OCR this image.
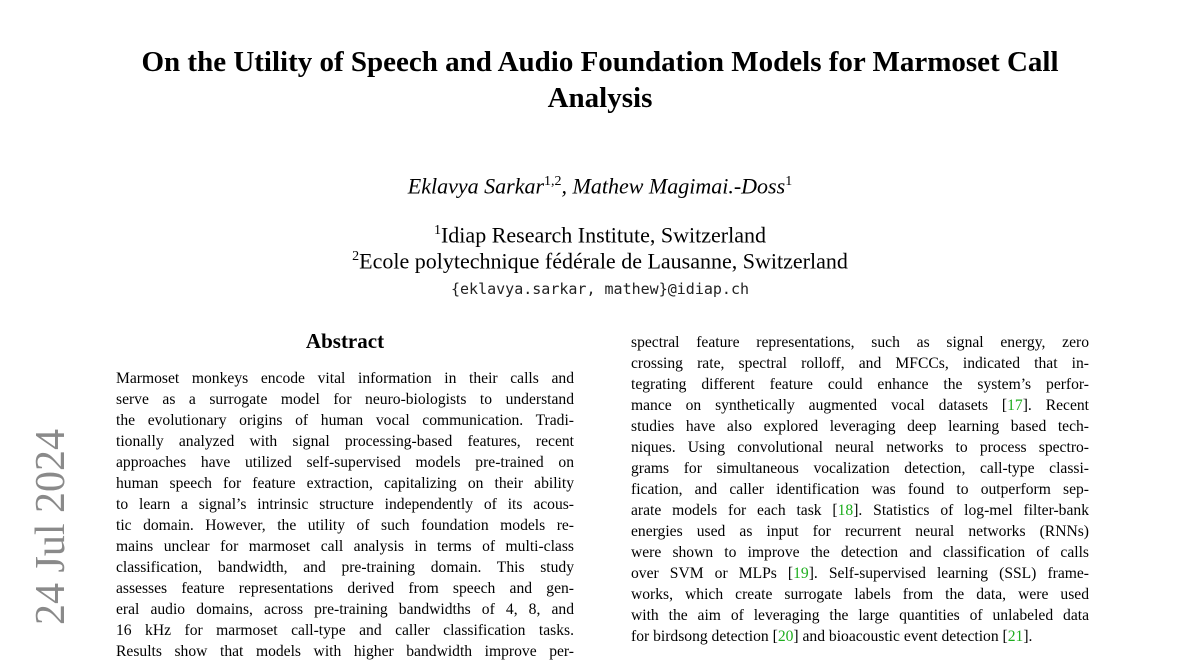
24 Jul 2024
On the Utility of Speech and Audio Foundation Models for Marmoset Call
Analysis
Eklavya Sarkar$^{1,2}$, Mathew Magimai.-Doss$^1$
$^1$Idiap Research Institute, Switzerland
$^2$Ecole polytechnique fédérale de Lausanne, Switzerland
{eklavya.sarkar, mathew}@idiap.ch
Abstract
Marmoset monkeys encode vital information in their calls and
serve as a surrogate model for neuro-biologists to understand
the evolutionary origins of human vocal communication. Tradi-
tionally analyzed with signal processing-based features, recent
approaches have utilized self-supervised models pre-trained on
human speech for feature extraction, capitalizing on their ability
to learn a signal’s intrinsic structure independently of its acous-
tic domain. However, the utility of such foundation models re-
mains unclear for marmoset call analysis in terms of multi-class
classification, bandwidth, and pre-training domain. This study
assesses feature representations derived from speech and gen-
eral audio domains, across pre-training bandwidths of 4, 8, and
16 kHz for marmoset call-type and caller classification tasks.
Results show that models with higher bandwidth improve per-
spectral feature representations, such as signal energy, zero
crossing rate, spectral rolloff, and MFCCs, indicated that in-
tegrating different feature could enhance the system’s perfor-
mance on synthetically augmented vocal datasets [17]. Recent
studies have also explored leveraging deep learning based tech-
niques. Using convolutional neural networks to process spectro-
grams for simultaneous vocalization detection, call-type classi-
fication, and caller identification was found to outperform sep-
arate models for each task [18]. Statistics of log-mel filter-bank
energies used as input for recurrent neural networks (RNNs)
were shown to improve the detection and classification of calls
over SVM or MLPs [19]. Self-supervised learning (SSL) frame-
works, which create surrogate labels from the data, were used
with the aim of leveraging the large quantities of unlabeled data
for birdsong detection [20] and bioacoustic event detection [21].
